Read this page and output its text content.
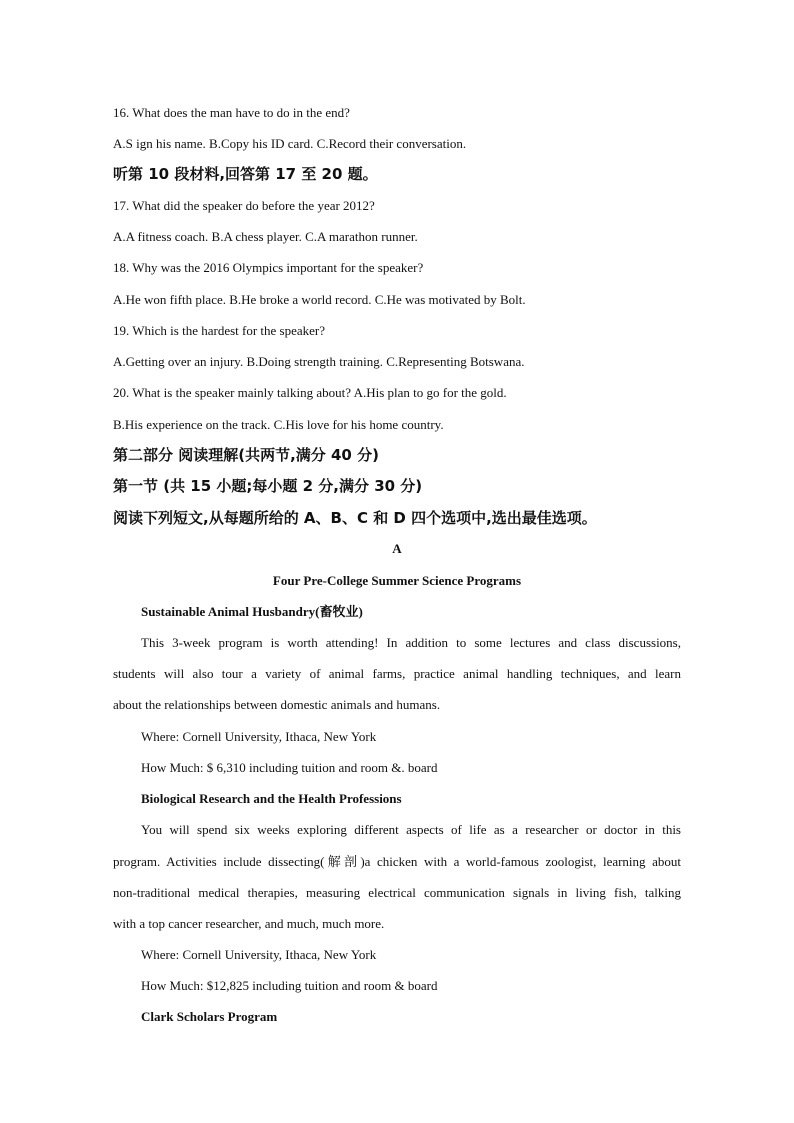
16. What does the man have to do in the end?
A.S ign his name. B.Copy his ID card. C.Record their conversation.
听第 10 段材料,回答第 17 至 20 题。
17. What did the speaker do before the year 2012?
A.A fitness coach. B.A chess player. C.A marathon runner.
18. Why was the 2016 Olympics important for the speaker?
A.He won fifth place. B.He broke a world record. C.He was motivated by Bolt.
19. Which is the hardest for the speaker?
A.Getting over an injury. B.Doing strength training. C.Representing Botswana.
20. What is the speaker mainly talking about? A.His plan to go for the gold.
B.His experience on the track. C.His love for his home country.
第二部分 阅读理解(共两节,满分 40 分)
第一节 (共 15 小题;每小题 2 分,满分 30 分)
阅读下列短文,从每题所给的 A、B、C 和 D 四个选项中,选出最佳选项。
A
Four Pre-College Summer Science Programs
Sustainable Animal Husbandry(畜牧业)
This 3-week program is worth attending! In addition to some lectures and class discussions,
students will also tour a variety of animal farms, practice animal handling techniques, and learn
about the relationships between domestic animals and humans.
Where: Cornell University, Ithaca, New York
How Much: $ 6,310 including tuition and room &. board
Biological Research and the Health Professions
You will spend six weeks exploring different aspects of life as a researcher or doctor in this
program. Activities include dissecting(解剖)a chicken with a world-famous zoologist, learning about
non-traditional medical therapies, measuring electrical communication signals in living fish, talking
with a top cancer researcher, and much, much more.
Where: Cornell University, Ithaca, New York
How Much: $12,825 including tuition and room & board
Clark Scholars Program
